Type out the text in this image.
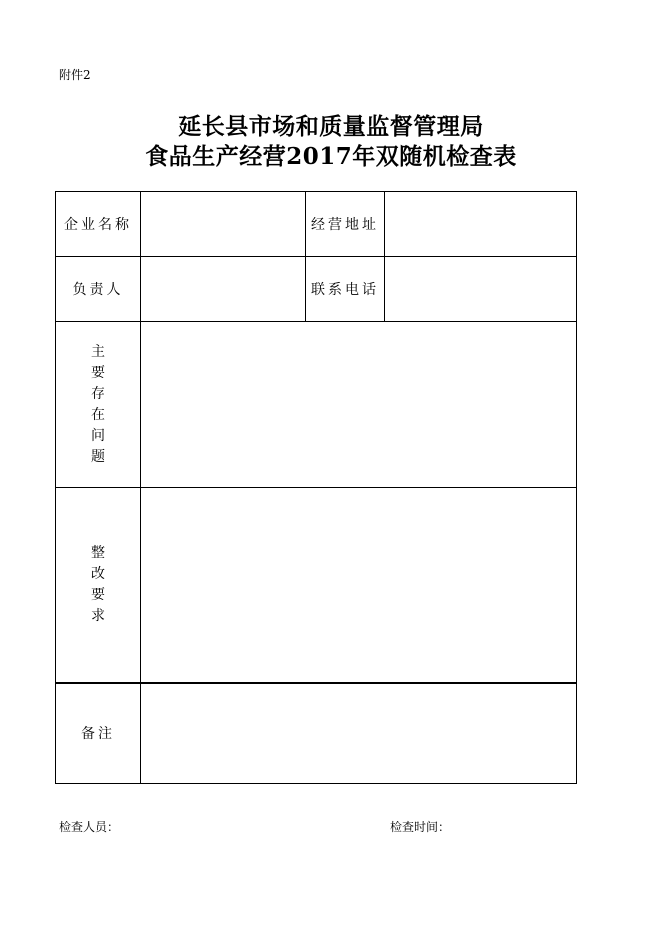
附件2
延长县市场和质量监督管理局
食品生产经营2017年双随机检查表
企业名称	经营地址
负责人	联系电话
主
要
存
在
问
题
整
改
要
求
备注
检查人员：	检查时间：
